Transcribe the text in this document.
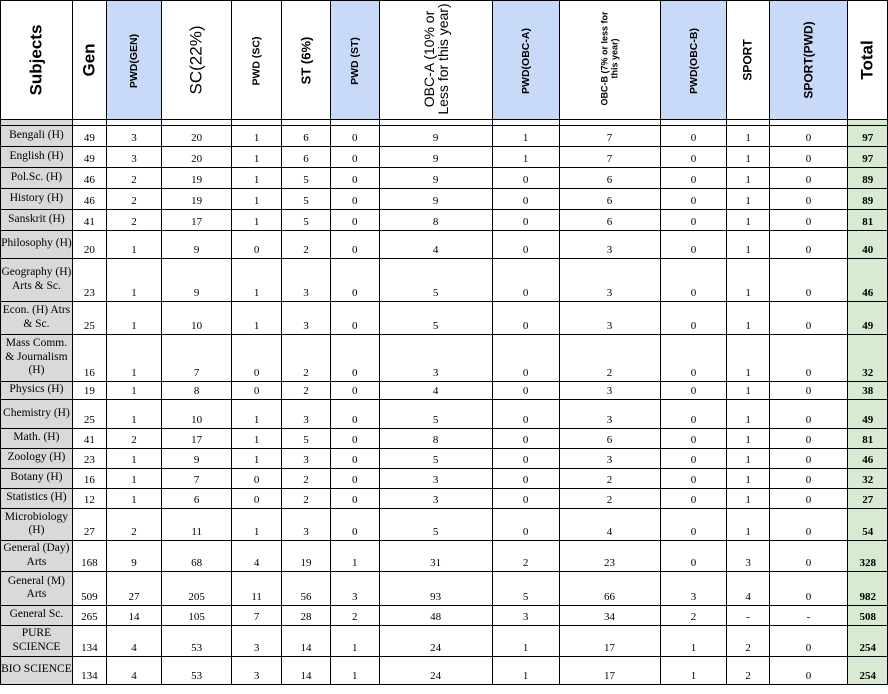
Subjects	Gen	PWD(GEN)	SC(22%)	PWD (SC)	ST (6%)	PWD (ST)	OBC-A (10% or Less for this year)	PWD(OBC-A)	OBC-B (7% or less for this year)	PWD(OBC-B)	SPORT	SPORT(PWD)	Total

Bengali (H)	49	3	20	1	6	0	9	1	7	0	1	0	97
English (H)	49	3	20	1	6	0	9	1	7	0	1	0	97
Pol.Sc. (H)	46	2	19	1	5	0	9	0	6	0	1	0	89
History (H)	46	2	19	1	5	0	9	0	6	0	1	0	89
Sanskrit (H)	41	2	17	1	5	0	8	0	6	0	1	0	81
Philosophy (H)	20	1	9	0	2	0	4	0	3	0	1	0	40
Geography (H) Arts & Sc.	23	1	9	1	3	0	5	0	3	0	1	0	46
Econ. (H) Atrs & Sc.	25	1	10	1	3	0	5	0	3	0	1	0	49
Mass Comm. & Journalism (H)	16	1	7	0	2	0	3	0	2	0	1	0	32
Physics (H)	19	1	8	0	2	0	4	0	3	0	1	0	38
Chemistry (H)	25	1	10	1	3	0	5	0	3	0	1	0	49
Math. (H)	41	2	17	1	5	0	8	0	6	0	1	0	81
Zoology (H)	23	1	9	1	3	0	5	0	3	0	1	0	46
Botany (H)	16	1	7	0	2	0	3	0	2	0	1	0	32
Statistics (H)	12	1	6	0	2	0	3	0	2	0	1	0	27
Microbiology (H)	27	2	11	1	3	0	5	0	4	0	1	0	54
General (Day) Arts	168	9	68	4	19	1	31	2	23	0	3	0	328
General (M) Arts	509	27	205	11	56	3	93	5	66	3	4	0	982
General Sc.	265	14	105	7	28	2	48	3	34	2	-	-	508
PURE SCIENCE	134	4	53	3	14	1	24	1	17	1	2	0	254
BIO SCIENCE	134	4	53	3	14	1	24	1	17	1	2	0	254
